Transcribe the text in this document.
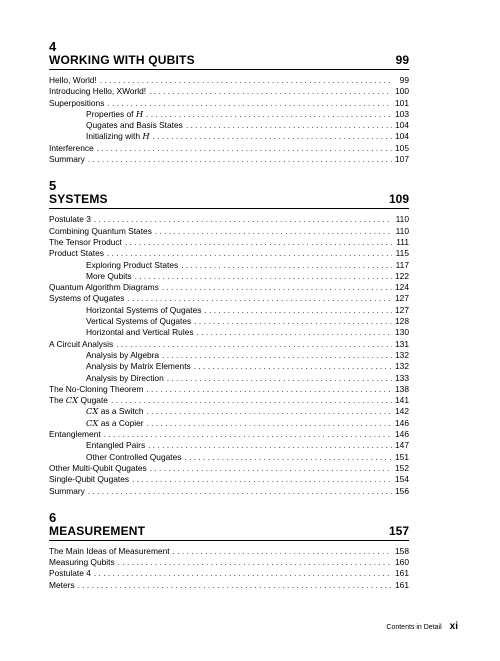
4
WORKING WITH QUBITS	99
Hello, World! . . .	99
Introducing Hello, XWorld! . . .	100
Superpositions . . .	101
Properties of H . . .	103
Qugates and Basis States . . .	104
Initializing with H . . .	104
Interference . . .	105
Summary . . .	107
5
SYSTEMS	109
Postulate 3 . . .	110
Combining Quantum States . . .	110
The Tensor Product . . .	111
Product States . . .	115
Exploring Product States . . .	117
More Qubits . . .	122
Quantum Algorithm Diagrams . . .	124
Systems of Qugates . . .	127
Horizontal Systems of Qugates . . .	127
Vertical Systems of Qugates . . .	128
Horizontal and Vertical Rules . . .	130
A Circuit Analysis . . .	131
Analysis by Algebra . . .	132
Analysis by Matrix Elements . . .	132
Analysis by Direction . . .	133
The No-Cloning Theorem . . .	138
The CX Qugate . . .	141
CX as a Switch . . .	142
CX as a Copier . . .	146
Entanglement . . .	146
Entangled Pairs . . .	147
Other Controlled Qugates . . .	151
Other Multi-Qubit Qugates . . .	152
Single-Qubit Qugates . . .	154
Summary . . .	156
6
MEASUREMENT	157
The Main Ideas of Measurement . . .	158
Measuring Qubits . . .	160
Postulate 4 . . .	161
Meters . . .	161
Contents in Detail xi
